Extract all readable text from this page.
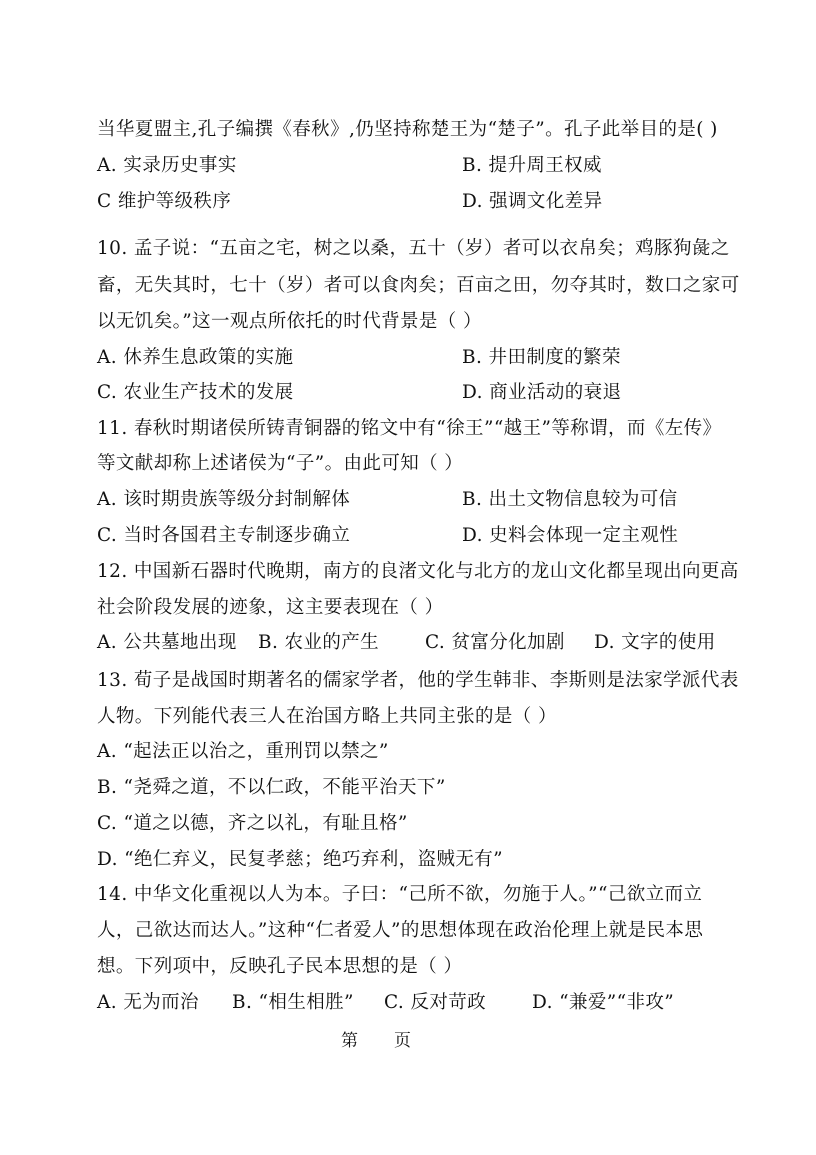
当华夏盟主,孔子编撰《春秋》,仍坚持称楚王为“楚子”。孔子此举目的是( )
A. 实录历史事实	B. 提升周王权威
C 维护等级秩序	D. 强调文化差异
10. 孟子说：“五亩之宅，树之以桑，五十（岁）者可以衣帛矣；鸡豚狗彘之
畜，无失其时，七十（岁）者可以食肉矣；百亩之田，勿夺其时，数口之家可
以无饥矣。”这一观点所依托的时代背景是（ ）
A. 休养生息政策的实施	B. 井田制度的繁荣
C. 农业生产技术的发展	D. 商业活动的衰退
11. 春秋时期诸侯所铸青铜器的铭文中有“徐王”“越王”等称谓，而《左传》
等文献却称上述诸侯为“子”。由此可知（ ）
A. 该时期贵族等级分封制解体	B. 出土文物信息较为可信
C. 当时各国君主专制逐步确立	D. 史料会体现一定主观性
12. 中国新石器时代晚期，南方的良渚文化与北方的龙山文化都呈现出向更高
社会阶段发展的迹象，这主要表现在（ ）
A. 公共墓地出现 B. 农业的产生 C. 贫富分化加剧 D. 文字的使用
13. 荀子是战国时期著名的儒家学者，他的学生韩非、李斯则是法家学派代表
人物。下列能代表三人在治国方略上共同主张的是（ ）
A. “起法正以治之，重刑罚以禁之”
B. “尧舜之道，不以仁政，不能平治天下”
C. “道之以德，齐之以礼，有耻且格”
D. “绝仁弃义，民复孝慈；绝巧弃利，盗贼无有”
14. 中华文化重视以人为本。子曰：“己所不欲，勿施于人。”“己欲立而立
人，己欲达而达人。”这种“仁者爱人”的思想体现在政治伦理上就是民本思
想。下列项中，反映孔子民本思想的是（ ）
A. 无为而治 B. “相生相胜” C. 反对苛政 D. “兼爱”“非攻”
第 页
